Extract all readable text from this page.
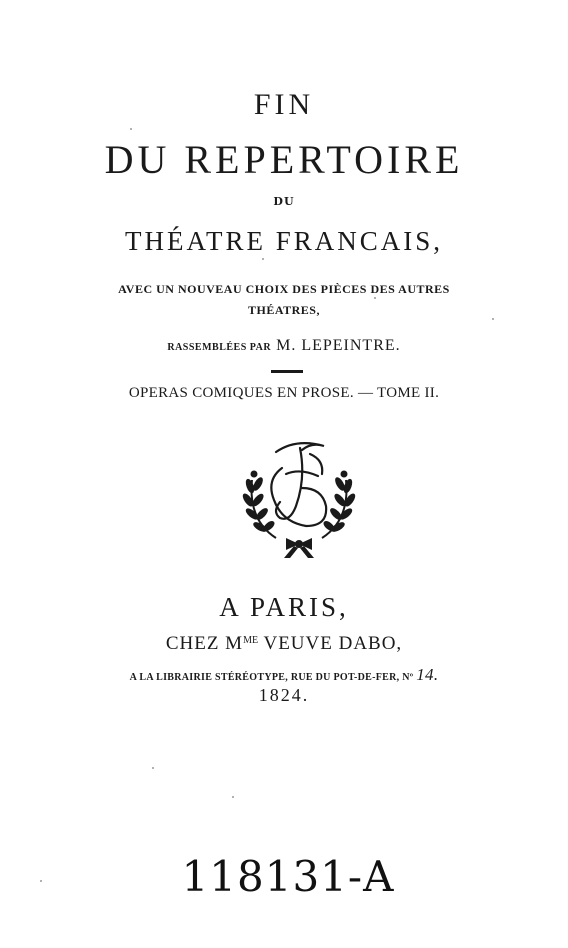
FIN
DU REPERTOIRE
DU
THÉATRE FRANCAIS,
AVEC UN NOUVEAU CHOIX DES PIÈCES DES AUTRES
THÉATRES,
RASSEMBLÉES PAR M. LEPEINTRE.
OPERAS COMIQUES EN PROSE. — TOME II.
A PARIS,
CHEZ $M^{ME}$ VEUVE DABO,
A LA LIBRAIRIE STÉRÉOTYPE, RUE DU POT-DE-FER, Nº 14.
1824.
118131-A
